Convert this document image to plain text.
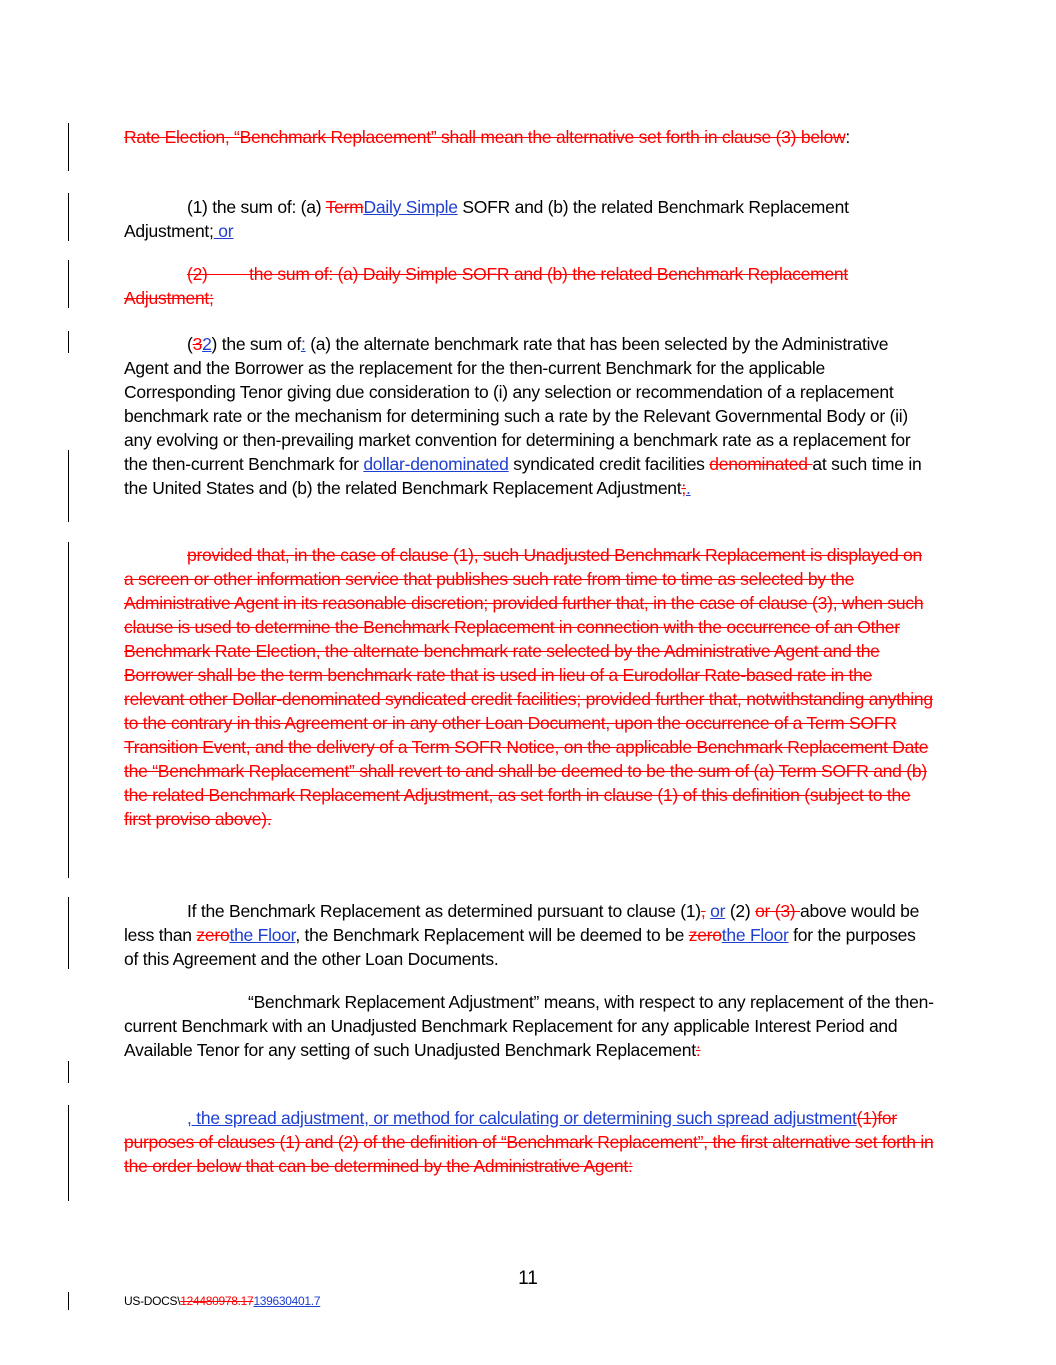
Rate Election, “Benchmark Replacement” shall mean the alternative set forth in clause (3) below:
(1) the sum of: (a) TermDaily Simple SOFR and (b) the related Benchmark Replacement Adjustment; or
(2)         the sum of: (a) Daily Simple SOFR and (b) the related Benchmark Replacement Adjustment;
(32) the sum of: (a) the alternate benchmark rate that has been selected by the Administrative Agent and the Borrower as the replacement for the then-current Benchmark for the applicable Corresponding Tenor giving due consideration to (i) any selection or recommendation of a replacement benchmark rate or the mechanism for determining such a rate by the Relevant Governmental Body or (ii) any evolving or then-prevailing market convention for determining a benchmark rate as a replacement for the then-current Benchmark for dollar-denominated syndicated credit facilities denominated at such time in the United States and (b) the related Benchmark Replacement Adjustment;.
provided that, in the case of clause (1), such Unadjusted Benchmark Replacement is displayed on a screen or other information service that publishes such rate from time to time as selected by the Administrative Agent in its reasonable discretion; provided further that, in the case of clause (3), when such clause is used to determine the Benchmark Replacement in connection with the occurrence of an Other Benchmark Rate Election, the alternate benchmark rate selected by the Administrative Agent and the Borrower shall be the term benchmark rate that is used in lieu of a Eurodollar Rate-based rate in the relevant other Dollar-denominated syndicated credit facilities; provided further that, notwithstanding anything to the contrary in this Agreement or in any other Loan Document, upon the occurrence of a Term SOFR Transition Event, and the delivery of a Term SOFR Notice, on the applicable Benchmark Replacement Date the “Benchmark Replacement” shall revert to and shall be deemed to be the sum of (a) Term SOFR and (b) the related Benchmark Replacement Adjustment, as set forth in clause (1) of this definition (subject to the first proviso above).
If the Benchmark Replacement as determined pursuant to clause (1), or (2) or (3) above would be less than zerothe Floor, the Benchmark Replacement will be deemed to be zerothe Floor for the purposes of this Agreement and the other Loan Documents.
“Benchmark Replacement Adjustment” means, with respect to any replacement of the then-current Benchmark with an Unadjusted Benchmark Replacement for any applicable Interest Period and Available Tenor for any setting of such Unadjusted Benchmark Replacement:
, the spread adjustment, or method for calculating or determining such spread adjustment(1)for purposes of clauses (1) and (2) of the definition of “Benchmark Replacement”, the first alternative set forth in the order below that can be determined by the Administrative Agent:
11
US-DOCS\124480978.17139630401.7
